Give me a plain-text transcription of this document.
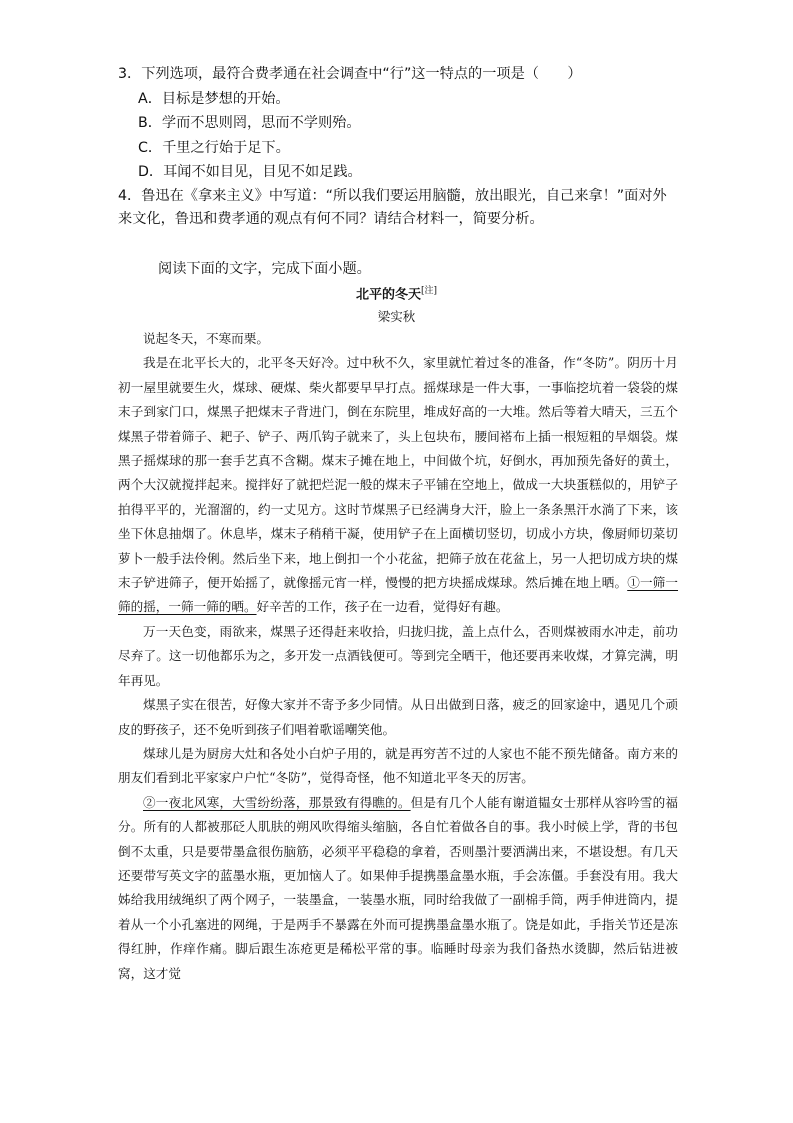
3．下列选项，最符合费孝通在社会调查中“行”这一特点的一项是（　　）
A．目标是梦想的开始。
B．学而不思则罔，思而不学则殆。
C．千里之行始于足下。
D．耳闻不如目见，目见不如足践。
4．鲁迅在《拿来主义》中写道：“所以我们要运用脑髓，放出眼光，自己来拿！”面对外来文化，鲁迅和费孝通的观点有何不同？请结合材料一，简要分析。
阅读下面的文字，完成下面小题。
北平的冬天[注]
梁实秋

说起冬天，不寒而栗。

我是在北平长大的，北平冬天好冷。过中秋不久，家里就忙着过冬的准备，作“冬防”。阴历十月初一屋里就要生火，煤球、硬煤、柴火都要早早打点。摇煤球是一件大事，一事临挖坑着一袋袋的煤末子到家门口，煤黑子把煤末子背进门，倒在东院里，堆成好高的一大堆。然后等着大晴天，三五个煤黑子带着筛子、耙子、铲子、两爪钩子就来了，头上包块布，腰间褡布上插一根短粗的旱烟袋。煤黑子摇煤球的那一套手艺真不含糊。煤末子摊在地上，中间做个坑，好倒水，再加预先备好的黄土，两个大汉就搅拌起来。搅拌好了就把烂泥一般的煤末子平铺在空地上，做成一大块蛋糕似的，用铲子拍得平平的，光溜溜的，约一丈见方。这时节煤黑子已经满身大汗，脸上一条条黑汗水淌了下来，该坐下休息抽烟了。休息毕，煤末子稍稍干凝，使用铲子在上面横切竖切，切成小方块，像厨师切菜切萝卜一般手法伶俐。然后坐下来，地上倒扣一个小花盆，把筛子放在花盆上，另一人把切成方块的煤末子铲进筛子，便开始摇了，就像摇元宵一样，慢慢的把方块摇成煤球。然后摊在地上晒。①一筛一筛的摇，一筛一筛的晒。好辛苦的工作，孩子在一边看，觉得好有趣。

万一天色变，雨欲来，煤黑子还得赶来收拾，归拢归拢，盖上点什么，否则煤被雨水冲走，前功尽弃了。这一切他都乐为之，多开发一点酒钱便可。等到完全晒干，他还要再来收煤，才算完满，明年再见。

煤黑子实在很苦，好像大家并不寄予多少同情。从日出做到日落，疲乏的回家途中，遇见几个顽皮的野孩子，还不免听到孩子们唱着歌谣嘲笑他。

煤球儿是为厨房大灶和各处小白炉子用的，就是再穷苦不过的人家也不能不预先储备。南方来的朋友们看到北平家家户户忙“冬防”，觉得奇怪，他不知道北平冬天的厉害。

②一夜北风寒，大雪纷纷落，那景致有得瞧的。但是有几个人能有谢道韫女士那样从容吟雪的福分。所有的人都被那砭人肌肤的朔风吹得缩头缩脑，各自忙着做各自的事。我小时候上学，背的书包倒不太重，只是要带墨盒很伤脑筋，必须平平稳稳的拿着，否则墨汁要洒满出来，不堪设想。有几天还要带写英文字的蓝墨水瓶，更加恼人了。如果伸手提携墨盒墨水瓶，手会冻僵。手套没有用。我大姊给我用绒绳织了两个网子，一装墨盒，一装墨水瓶，同时给我做了一副棉手筒，两手伸进筒内，提着从一个小孔塞进的网绳，于是两手不暴露在外而可提携墨盒墨水瓶了。饶是如此，手指关节还是冻得红肿，作痒作痛。脚后跟生冻疮更是稀松平常的事。临睡时母亲为我们备热水烫脚，然后钻进被窝，这才觉
